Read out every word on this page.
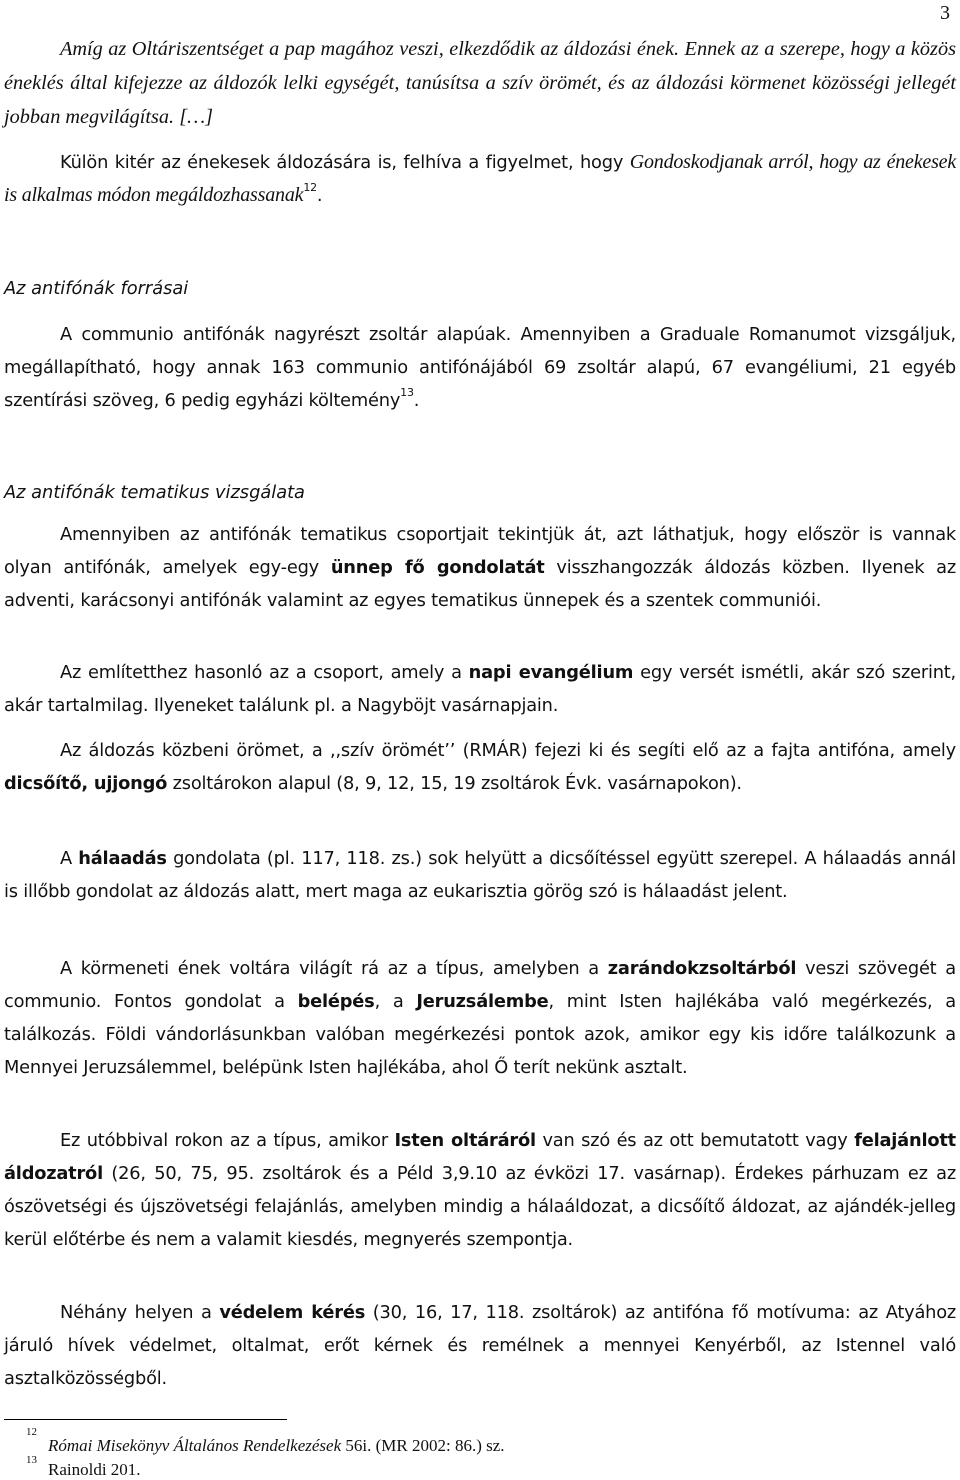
3

Amíg az Oltáriszentséget a pap magához veszi, elkezdődik az áldozási ének. Ennek az a szerepe, hogy a közös éneklés által kifejezze az áldozók lelki egységét, tanúsítsa a szív örömét, és az áldozási körmenet közösségi jellegét jobban megvilágítsa. […]

Külön kitér az énekesek áldozására is, felhíva a figyelmet, hogy Gondoskodjanak arról, hogy az énekesek is alkalmas módon megáldozhassanak$^{12}$.

Az antifónák forrásai

A communio antifónák nagyrészt zsoltár alapúak. Amennyiben a Graduale Romanumot vizsgáljuk, megállapítható, hogy annak 163 communio antifónájából 69 zsoltár alapú, 67 evangéliumi, 21 egyéb szentírási szöveg, 6 pedig egyházi költemény$^{13}$.

Az antifónák tematikus vizsgálata

Amennyiben az antifónák tematikus csoportjait tekintjük át, azt láthatjuk, hogy először is vannak olyan antifónák, amelyek egy-egy ünnep fő gondolatát visszhangozzák áldozás közben. Ilyenek az adventi, karácsonyi antifónák valamint az egyes tematikus ünnepek és a szentek communiói.

Az említetthez hasonló az a csoport, amely a napi evangélium egy versét ismétli, akár szó szerint, akár tartalmilag. Ilyeneket találunk pl. a Nagyböjt vasárnapjain.

Az áldozás közbeni örömet, a ,,szív örömét’’ (RMÁR) fejezi ki és segíti elő az a fajta antifóna, amely dicsőítő, ujjongó zsoltárokon alapul (8, 9, 12, 15, 19 zsoltárok Évk. vasárnapokon).

A hálaadás gondolata (pl. 117, 118. zs.) sok helyütt a dicsőítéssel együtt szerepel. A hálaadás annál is illőbb gondolat az áldozás alatt, mert maga az eukarisztia görög szó is hálaadást jelent.

A körmeneti ének voltára világít rá az a típus, amelyben a zarándokzsoltárból veszi szövegét a communio. Fontos gondolat a belépés, a Jeruzsálembe, mint Isten hajlékába való megérkezés, a találkozás. Földi vándorlásunkban valóban megérkezési pontok azok, amikor egy kis időre találkozunk a Mennyei Jeruzsálemmel, belépünk Isten hajlékába, ahol Ő terít nekünk asztalt.

Ez utóbbival rokon az a típus, amikor Isten oltáráról van szó és az ott bemutatott vagy felajánlott áldozatról (26, 50, 75, 95. zsoltárok és a Péld 3,9.10 az évközi 17. vasárnap). Érdekes párhuzam ez az ószövetségi és újszövetségi felajánlás, amelyben mindig a hálaáldozat, a dicsőítő áldozat, az ajándék-jelleg kerül előtérbe és nem a valamit kiesdés, megnyerés szempontja.

Néhány helyen a védelem kérés (30, 16, 17, 118. zsoltárok) az antifóna fő motívuma: az Atyához járuló hívek védelmet, oltalmat, erőt kérnek és remélnek a mennyei Kenyérből, az Istennel való asztalközösségből.

12
Római Misekönyv Általános Rendelkezések 56i. (MR 2002: 86.) sz.
13 Rainoldi 201.
